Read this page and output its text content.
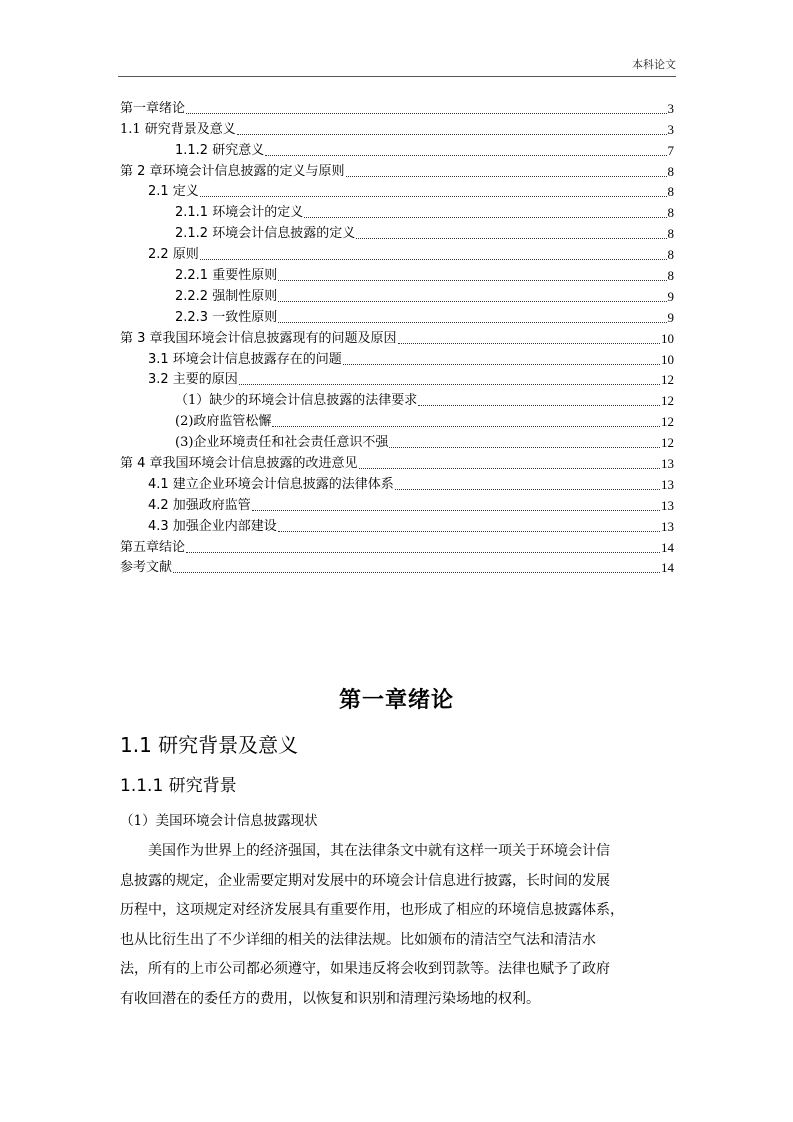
本科论文
第一章绪论	3
1.1 研究背景及意义	3
1.1.2 研究意义	7
第 2 章环境会计信息披露的定义与原则	8
2.1 定义	8
2.1.1 环境会计的定义	8
2.1.2 环境会计信息披露的定义	8
2.2 原则	8
2.2.1 重要性原则	8
2.2.2 强制性原则	9
2.2.3 一致性原则	9
第 3 章我国环境会计信息披露现有的问题及原因	10
3.1 环境会计信息披露存在的问题	10
3.2 主要的原因	12
（1）缺少的环境会计信息披露的法律要求	12
(2)政府监管松懈	12
(3)企业环境责任和社会责任意识不强	12
第 4 章我国环境会计信息披露的改进意见	13
4.1 建立企业环境会计信息披露的法律体系	13
4.2 加强政府监管	13
4.3 加强企业内部建设	13
第五章结论	14
参考文献	14
第一章绪论
1.1 研究背景及意义
1.1.1 研究背景
（1）美国环境会计信息披露现状
美国作为世界上的经济强国，其在法律条文中就有这样一项关于环境会计信
息披露的规定，企业需要定期对发展中的环境会计信息进行披露，长时间的发展
历程中，这项规定对经济发展具有重要作用，也形成了相应的环境信息披露体系，
也从比衍生出了不少详细的相关的法律法规。比如颁布的清洁空气法和清洁水
法，所有的上市公司都必须遵守，如果违反将会收到罚款等。法律也赋予了政府
有收回潜在的委任方的费用，以恢复和识别和清理污染场地的权利。
